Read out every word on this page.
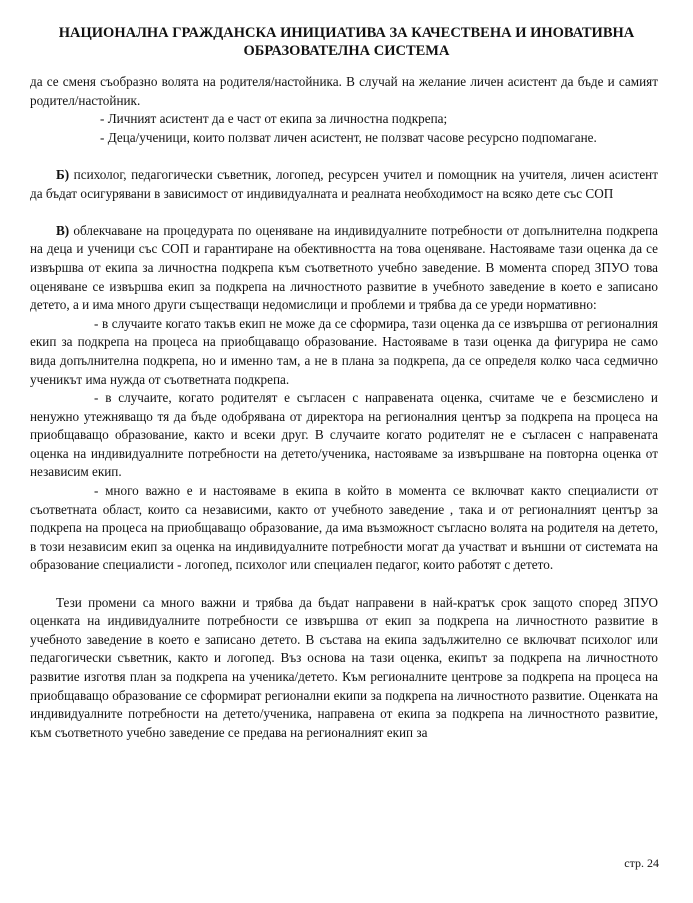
НАЦИОНАЛНА ГРАЖДАНСКА ИНИЦИАТИВА ЗА КАЧЕСТВЕНА И ИНОВАТИВНА
ОБРАЗОВАТЕЛНА СИСТЕМА

да се сменя съобразно волята на родителя/настойника. В случай на желание личен асистент да бъде и самият родител/настойник.

- Личният асистент да е част от екипа за личностна подкрепа;

- Деца/ученици, които ползват личен асистент, не ползват часове ресурсно подпомагане.

Б) психолог, педагогически съветник, логопед, ресурсен учител и помощник на учителя, личен асистент да бъдат осигурявани в зависимост от индивидуалната и реалната необходимост на всяко дете със СОП

В) облекчаване на процедурата по оценяване на индивидуалните потребности от допълнителна подкрепа на деца и ученици със СОП и гарантиране на обективността на това оценяване. Настояваме тази оценка да се извършва от екипа за личностна подкрепа към съответното учебно заведение. В момента според ЗПУО това оценяване се извършва екип за подкрепа на личностното развитие в учебното заведение в което е записано детето, а и има много други съществащи недомислици и проблеми и трябва да се уреди нормативно:

- в случаите когато такъв екип не може да се сформира, тази оценка да се извършва от регионалния екип за подкрепа на процеса на приобщаващо образование. Настояваме в тази оценка да фигурира не само вида допълнителна подкрепа, но и именно там, а не в плана за подкрепа, да се определя колко часа седмично ученикът има нужда от съответната подкрепа.

- в случаите, когато родителят е съгласен с направената оценка, считаме че е безсмислено и ненужно утежняващо тя да бъде одобрявана от директора на регионалния център за подкрепа на процеса на приобщаващо образование, както и всеки друг. В случаите когато родителят не е съгласен с направената оценка на индивидуалните потребности на детето/ученика, настояваме за извършване на повторна оценка от независим екип.

- много важно е и настояваме в екипа в който в момента се включват както специалисти от съответната област, които са независими, както от учебното заведение , така и от регионалният център за подкрепа на процеса на приобщаващо образование, да има възможност съгласно волята на родителя на детето, в този независим екип за оценка на индивидуалните потребности могат да участват и външни от системата на образование специалисти - логопед, психолог или специален педагог, които работят с детето.

Тези промени са много важни и трябва да бъдат направени в най-кратък срок защото според ЗПУО оценката на индивидуалните потребности се извършва от екип за подкрепа на личностното развитие в учебното заведение в което е записано детето. В състава на екипа задължително се включват психолог или педагогически съветник, както и логопед. Въз основа на тази оценка, екипът за подкрепа на личностното развитие изготвя план за подкрепа на ученика/детето. Към регионалните центрове за подкрепа на процеса на приобщаващо образование се сформират регионални екипи за подкрепа на личностното развитие. Оценката на индивидуалните потребности на детето/ученика, направена от екипа за подкрепа на личностното развитие, към съответното учебно заведение се предава на регионалният екип за

стр. 24
